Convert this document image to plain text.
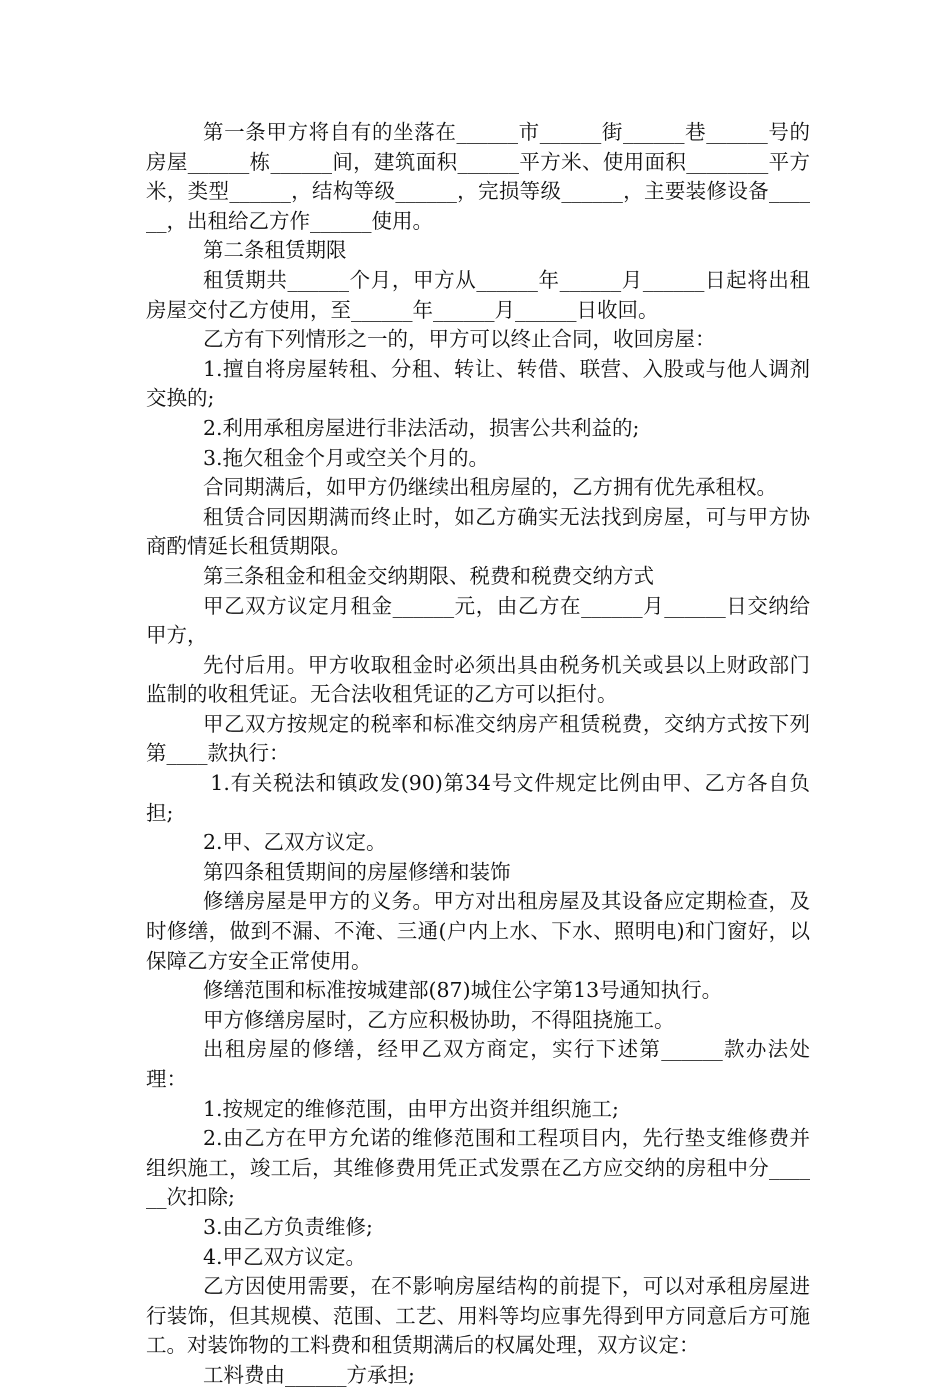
第一条甲方将自有的坐落在______市______街______巷______号的房屋______栋______间，建筑面积______平方米、使用面积________平方米，类型______，结构等级______，完损等级______，主要装修设备______，出租给乙方作______使用。

第二条租赁期限

租赁期共______个月，甲方从______年______月______日起将出租房屋交付乙方使用，至______年______月______日收回。

乙方有下列情形之一的，甲方可以终止合同，收回房屋：

1.擅自将房屋转租、分租、转让、转借、联营、入股或与他人调剂交换的;

2.利用承租房屋进行非法活动，损害公共利益的;

3.拖欠租金个月或空关个月的。

合同期满后，如甲方仍继续出租房屋的，乙方拥有优先承租权。

租赁合同因期满而终止时，如乙方确实无法找到房屋，可与甲方协商酌情延长租赁期限。

第三条租金和租金交纳期限、税费和税费交纳方式

甲乙双方议定月租金______元，由乙方在______月______日交纳给甲方，

先付后用。甲方收取租金时必须出具由税务机关或县以上财政部门监制的收租凭证。无合法收租凭证的乙方可以拒付。

甲乙双方按规定的税率和标准交纳房产租赁税费，交纳方式按下列第____款执行：

1.有关税法和镇政发(90)第34号文件规定比例由甲、乙方各自负担;

2.甲、乙双方议定。

第四条租赁期间的房屋修缮和装饰

修缮房屋是甲方的义务。甲方对出租房屋及其设备应定期检查，及时修缮，做到不漏、不淹、三通(户内上水、下水、照明电)和门窗好，以保障乙方安全正常使用。

修缮范围和标准按城建部(87)城住公字第13号通知执行。

甲方修缮房屋时，乙方应积极协助，不得阻挠施工。

出租房屋的修缮，经甲乙双方商定，实行下述第______款办法处理：

1.按规定的维修范围，由甲方出资并组织施工;

2.由乙方在甲方允诺的维修范围和工程项目内，先行垫支维修费并组织施工，竣工后，其维修费用凭正式发票在乙方应交纳的房租中分______次扣除;

3.由乙方负责维修;

4.甲乙双方议定。

乙方因使用需要，在不影响房屋结构的前提下，可以对承租房屋进行装饰，但其规模、范围、工艺、用料等均应事先得到甲方同意后方可施工。对装饰物的工料费和租赁期满后的权属处理，双方议定：

工料费由______方承担;
